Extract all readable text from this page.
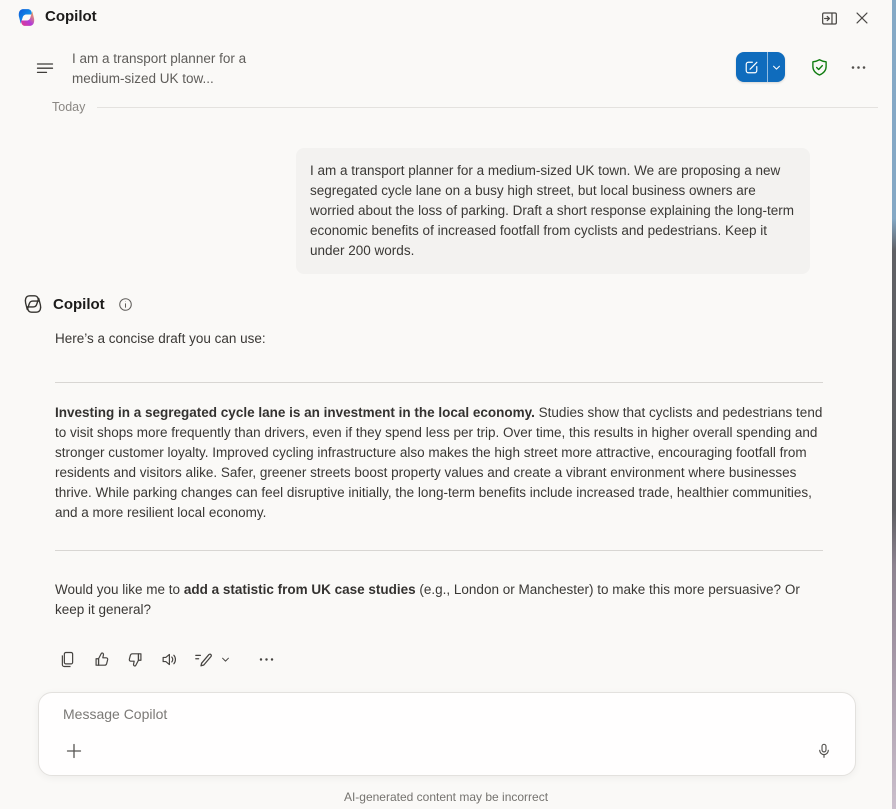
Copilot
I am a transport planner for a
medium-sized UK tow...
Today
I am a transport planner for a medium-sized UK town. We are proposing a new segregated cycle lane on a busy high street, but local business owners are worried about the loss of parking. Draft a short response explaining the long-term economic benefits of increased footfall from cyclists and pedestrians. Keep it under 200 words.
Copilot
Here’s a concise draft you can use:

Investing in a segregated cycle lane is an investment in the local economy. Studies show that cyclists and pedestrians tend to visit shops more frequently than drivers, even if they spend less per trip. Over time, this results in higher overall spending and stronger customer loyalty. Improved cycling infrastructure also makes the high street more attractive, encouraging footfall from residents and visitors alike. Safer, greener streets boost property values and create a vibrant environment where businesses thrive. While parking changes can feel disruptive initially, the long-term benefits include increased trade, healthier communities, and a more resilient local economy.

Would you like me to add a statistic from UK case studies (e.g., London or Manchester) to make this more persuasive? Or keep it general?

Message Copilot
AI-generated content may be incorrect
